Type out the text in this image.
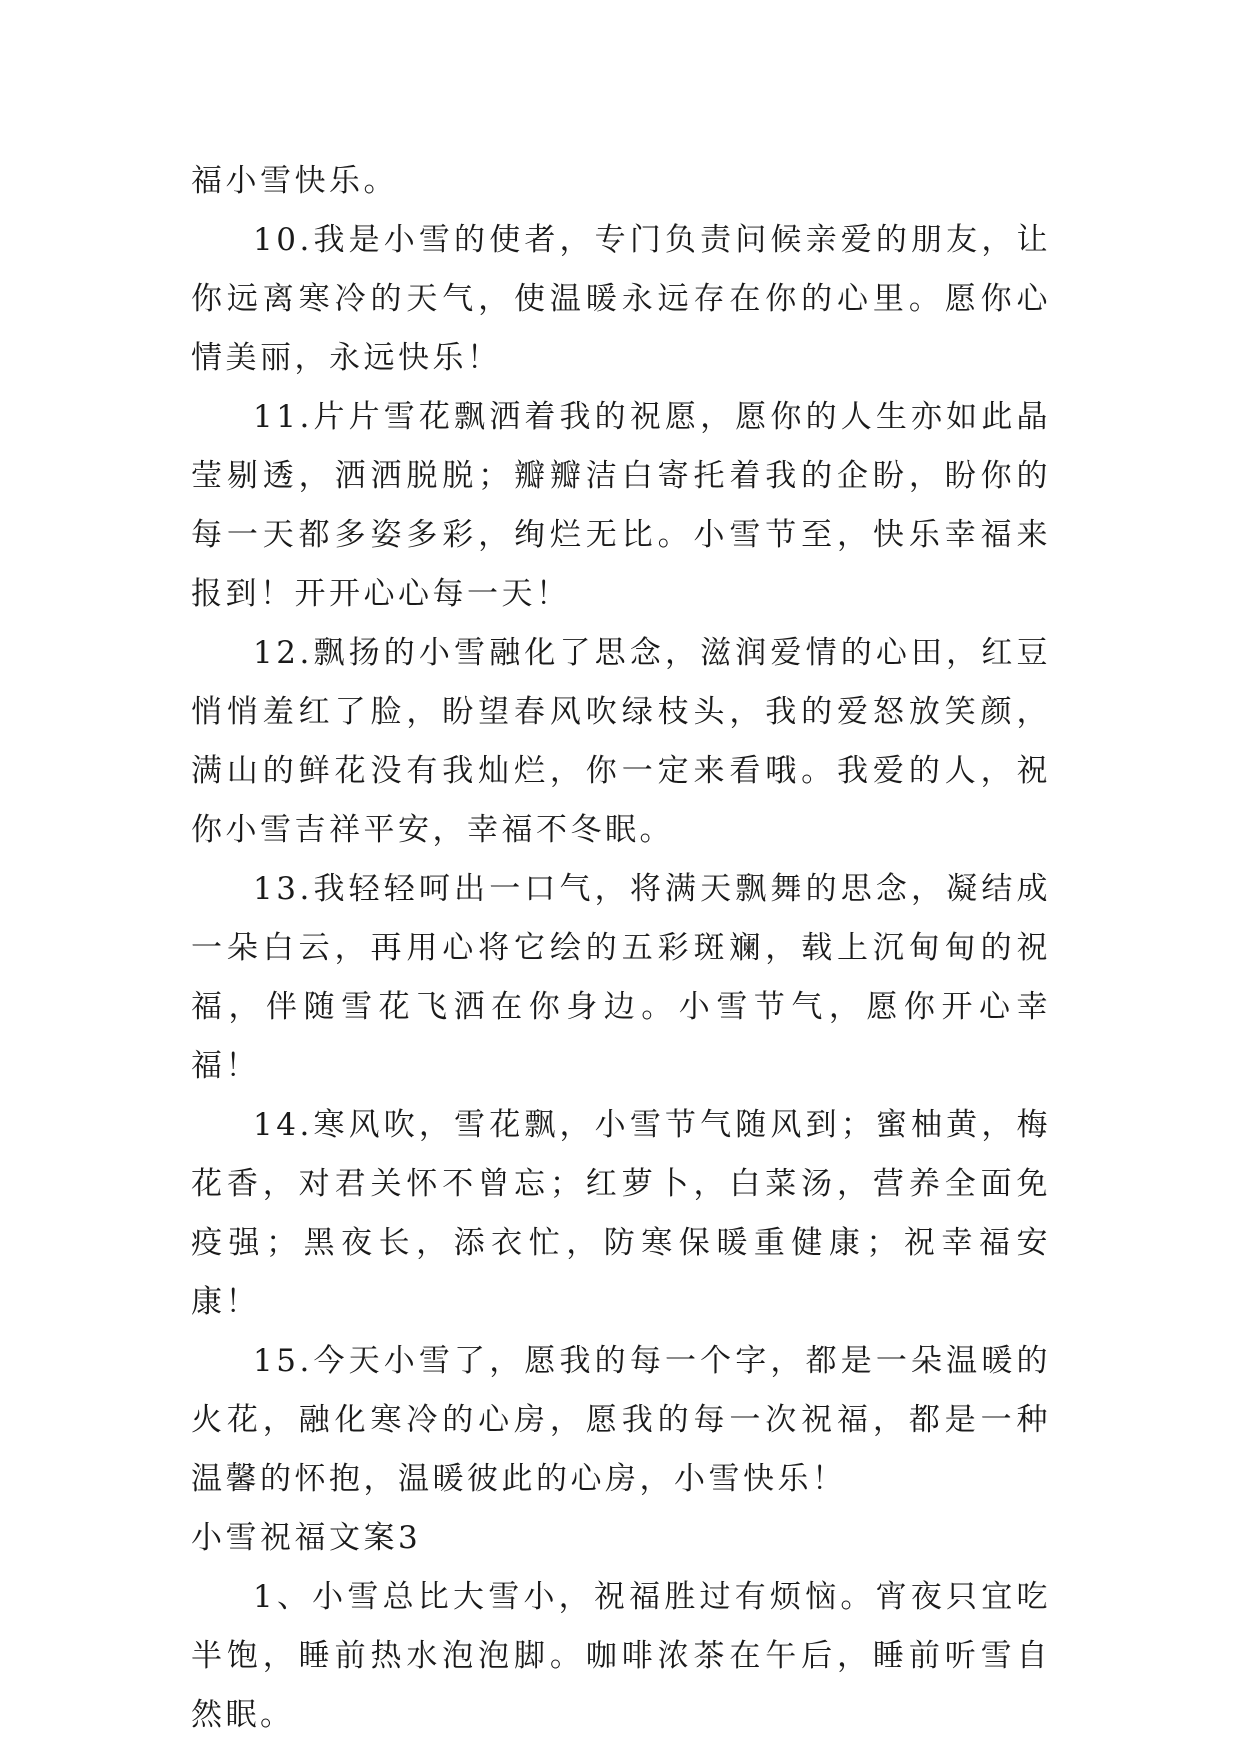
福小雪快乐。

10.我是小雪的使者，专门负责问候亲爱的朋友，让你远离寒冷的天气，使温暖永远存在你的心里。愿你心情美丽，永远快乐！

11.片片雪花飘洒着我的祝愿，愿你的人生亦如此晶莹剔透，洒洒脱脱；瓣瓣洁白寄托着我的企盼，盼你的每一天都多姿多彩，绚烂无比。小雪节至，快乐幸福来报到！开开心心每一天！

12.飘扬的小雪融化了思念，滋润爱情的心田，红豆悄悄羞红了脸，盼望春风吹绿枝头，我的爱怒放笑颜，满山的鲜花没有我灿烂，你一定来看哦。我爱的人，祝你小雪吉祥平安，幸福不冬眠。

13.我轻轻呵出一口气，将满天飘舞的思念，凝结成一朵白云，再用心将它绘的五彩斑斓，载上沉甸甸的祝福，伴随雪花飞洒在你身边。小雪节气，愿你开心幸福！

14.寒风吹，雪花飘，小雪节气随风到；蜜柚黄，梅花香，对君关怀不曾忘；红萝卜，白菜汤，营养全面免疫强；黑夜长，添衣忙，防寒保暖重健康；祝幸福安康！

15.今天小雪了，愿我的每一个字，都是一朵温暖的火花，融化寒冷的心房，愿我的每一次祝福，都是一种温馨的怀抱，温暖彼此的心房，小雪快乐！

小雪祝福文案3

1、小雪总比大雪小，祝福胜过有烦恼。宵夜只宜吃半饱，睡前热水泡泡脚。咖啡浓茶在午后，睡前听雪自然眠。
